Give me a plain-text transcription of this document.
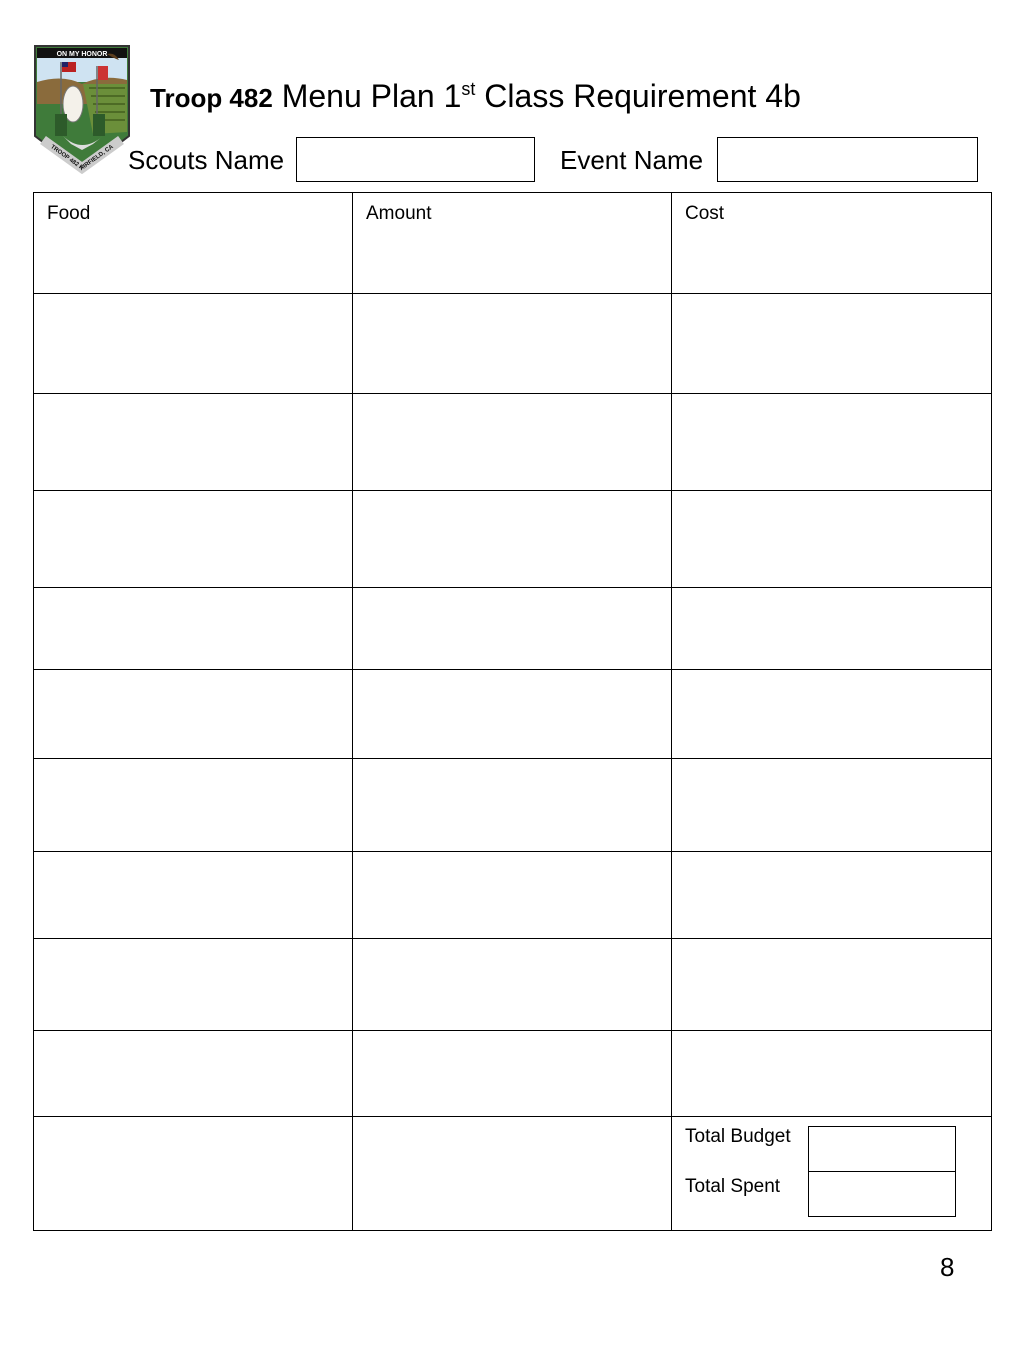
ON MY HONOR
TROOP 482 FAIRFIELD, CA
Troop 482 Menu Plan 1st Class Requirement 4b
Scouts Name	Event Name
Food	Amount	Cost

		Total Budget
Total Spent
8
